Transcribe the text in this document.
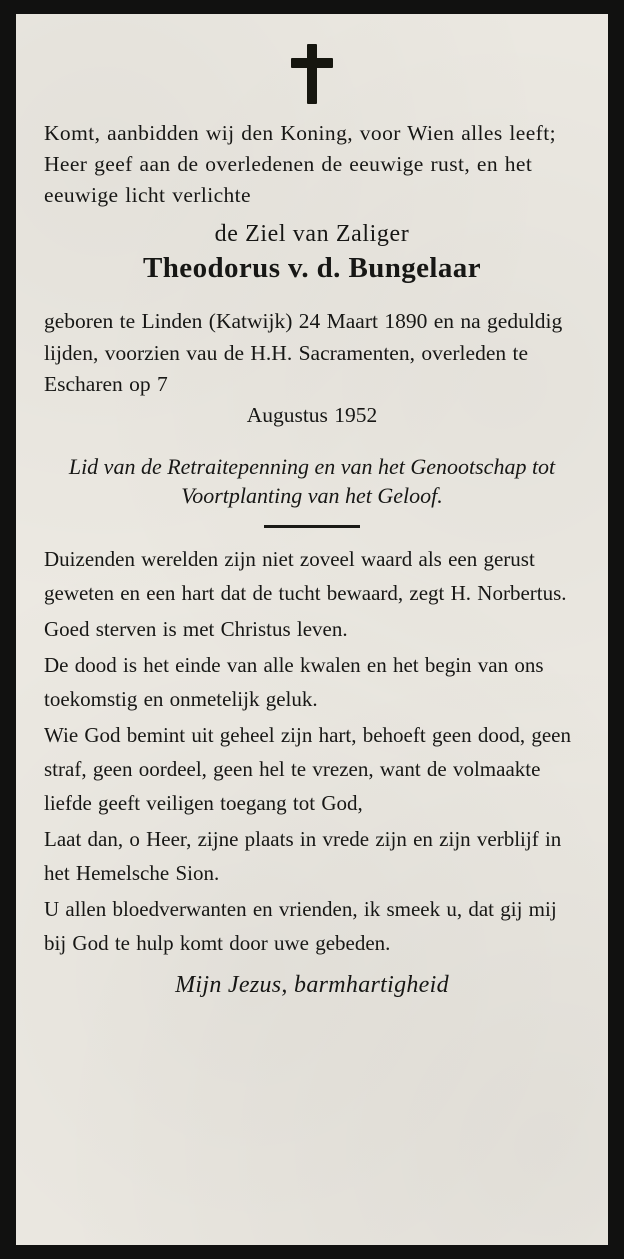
Komt, aanbidden wij den Koning, voor Wien alles leeft; Heer geef aan de overledenen de eeuwige rust, en het eeuwige licht verlichte

de Ziel van Zaliger

Theodorus v. d. Bungelaar

geboren te Linden (Katwijk) 24 Maart 1890 en na geduldig lijden, voorzien vau de H.H. Sacramenten, overleden te Escharen op 7
Augustus 1952

Lid van de Retraitepenning en van het Genootschap tot Voortplanting van het Geloof.

Duizenden werelden zijn niet zoveel waard als een gerust geweten en een hart dat de tucht bewaard, zegt H. Norbertus.

Goed sterven is met Christus leven.

De dood is het einde van alle kwalen en het begin van ons toekomstig en onmetelijk geluk.

Wie God bemint uit geheel zijn hart, behoeft geen dood, geen straf, geen oordeel, geen hel te vrezen, want de volmaakte liefde geeft veiligen toegang tot God,

Laat dan, o Heer, zijne plaats in vrede zijn en zijn verblijf in het Hemelsche Sion.

U allen bloedverwanten en vrienden, ik smeek u, dat gij mij bij God te hulp komt door uwe gebeden.

Mijn Jezus, barmhartigheid
